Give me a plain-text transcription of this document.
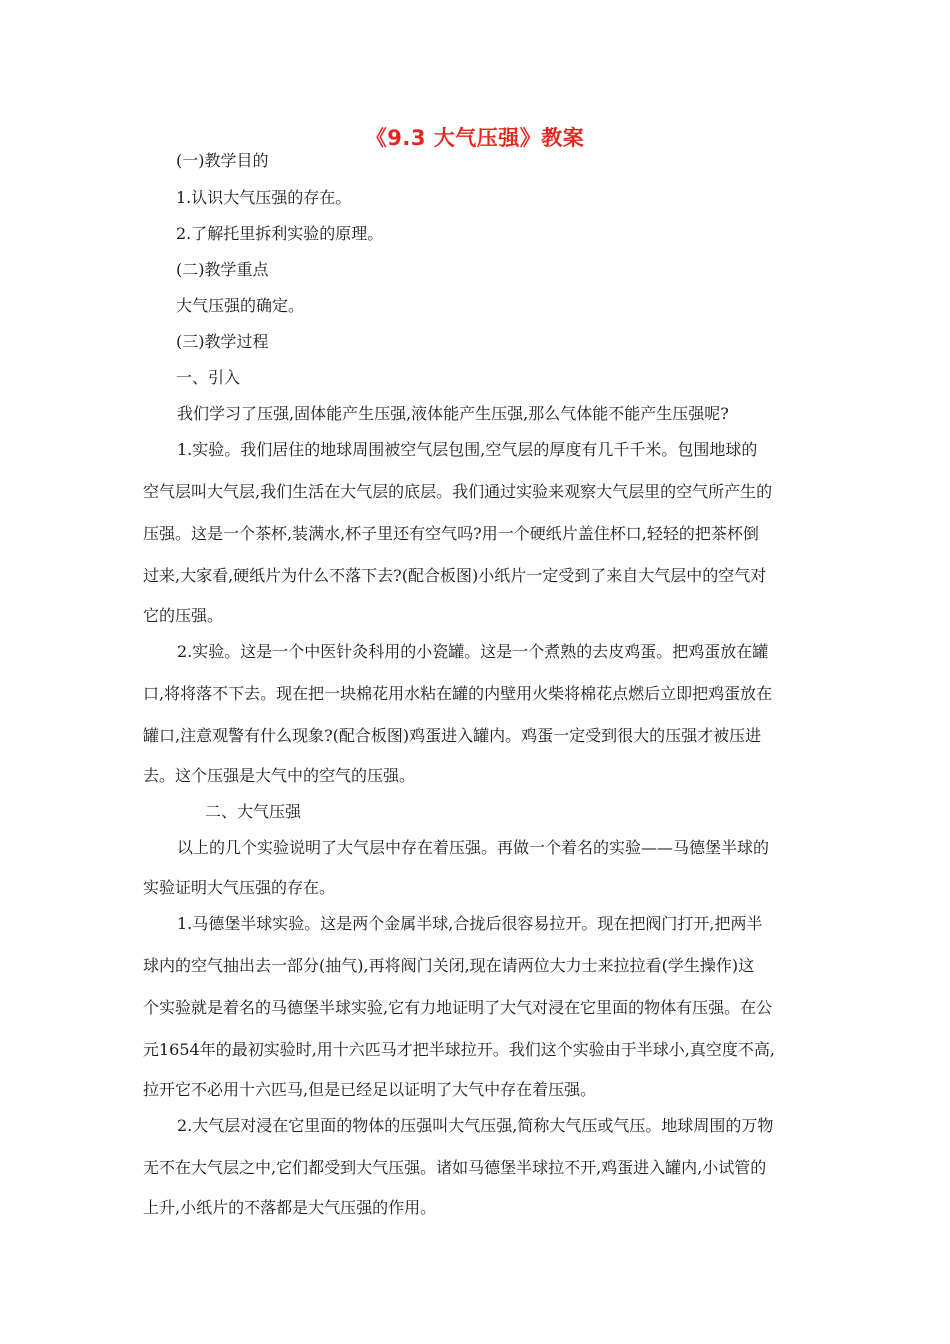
《9.3 大气压强》教案
(一)教学目的
1.认识大气压强的存在。
2.了解托里拆利实验的原理。
(二)教学重点
大气压强的确定。
(三)教学过程
一、引入
我们学习了压强,固体能产生压强,液体能产生压强,那么气体能不能产生压强呢?
1.实验。我们居住的地球周围被空气层包围,空气层的厚度有几千千米。包围地球的
空气层叫大气层,我们生活在大气层的底层。我们通过实验来观察大气层里的空气所产生的
压强。这是一个茶杯,装满水,杯子里还有空气吗?用一个硬纸片盖住杯口,轻轻的把茶杯倒
过来,大家看,硬纸片为什么不落下去?(配合板图)小纸片一定受到了来自大气层中的空气对
它的压强。
2.实验。这是一个中医针灸科用的小瓷罐。这是一个煮熟的去皮鸡蛋。把鸡蛋放在罐
口,将将落不下去。现在把一块棉花用水粘在罐的内壁用火柴将棉花点燃后立即把鸡蛋放在
罐口,注意观警有什么现象?(配合板图)鸡蛋进入罐内。鸡蛋一定受到很大的压强才被压进
去。这个压强是大气中的空气的压强。
二、大气压强
以上的几个实验说明了大气层中存在着压强。再做一个着名的实验——马德堡半球的
实验证明大气压强的存在。
1.马德堡半球实验。这是两个金属半球,合拢后很容易拉开。现在把阀门打开,把两半
球内的空气抽出去一部分(抽气),再将阀门关闭,现在请两位大力士来拉拉看(学生操作)这
个实验就是着名的马德堡半球实验,它有力地证明了大气对浸在它里面的物体有压强。在公
元1654年的最初实验时,用十六匹马才把半球拉开。我们这个实验由于半球小,真空度不高,
拉开它不必用十六匹马,但是已经足以证明了大气中存在着压强。
2.大气层对浸在它里面的物体的压强叫大气压强,简称大气压或气压。地球周围的万物
无不在大气层之中,它们都受到大气压强。诸如马德堡半球拉不开,鸡蛋进入罐内,小试管的
上升,小纸片的不落都是大气压强的作用。
